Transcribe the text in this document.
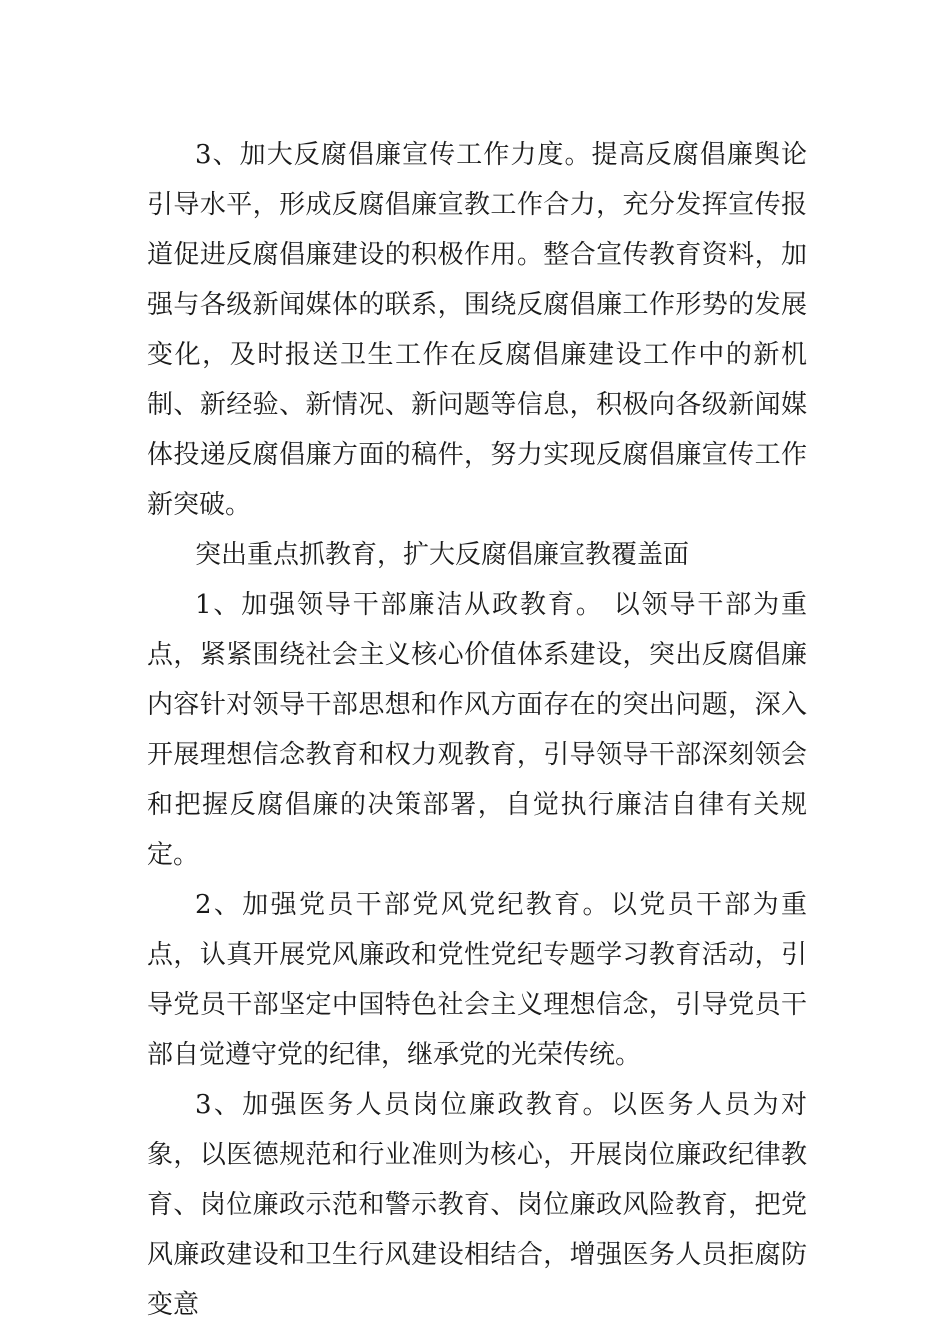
3、加大反腐倡廉宣传工作力度。提高反腐倡廉舆论引导水平，形成反腐倡廉宣教工作合力，充分发挥宣传报道促进反腐倡廉建设的积极作用。整合宣传教育资料，加强与各级新闻媒体的联系，围绕反腐倡廉工作形势的发展变化，及时报送卫生工作在反腐倡廉建设工作中的新机制、新经验、新情况、新问题等信息，积极向各级新闻媒体投递反腐倡廉方面的稿件，努力实现反腐倡廉宣传工作新突破。

突出重点抓教育，扩大反腐倡廉宣教覆盖面

1、加强领导干部廉洁从政教育。 以领导干部为重点，紧紧围绕社会主义核心价值体系建设，突出反腐倡廉内容针对领导干部思想和作风方面存在的突出问题，深入开展理想信念教育和权力观教育，引导领导干部深刻领会和把握反腐倡廉的决策部署，自觉执行廉洁自律有关规定。

2、加强党员干部党风党纪教育。以党员干部为重点，认真开展党风廉政和党性党纪专题学习教育活动，引导党员干部坚定中国特色社会主义理想信念，引导党员干部自觉遵守党的纪律，继承党的光荣传统。

3、加强医务人员岗位廉政教育。以医务人员为对象，以医德规范和行业准则为核心，开展岗位廉政纪律教育、岗位廉政示范和警示教育、岗位廉政风险教育，把党风廉政建设和卫生行风建设相结合，增强医务人员拒腐防变意
